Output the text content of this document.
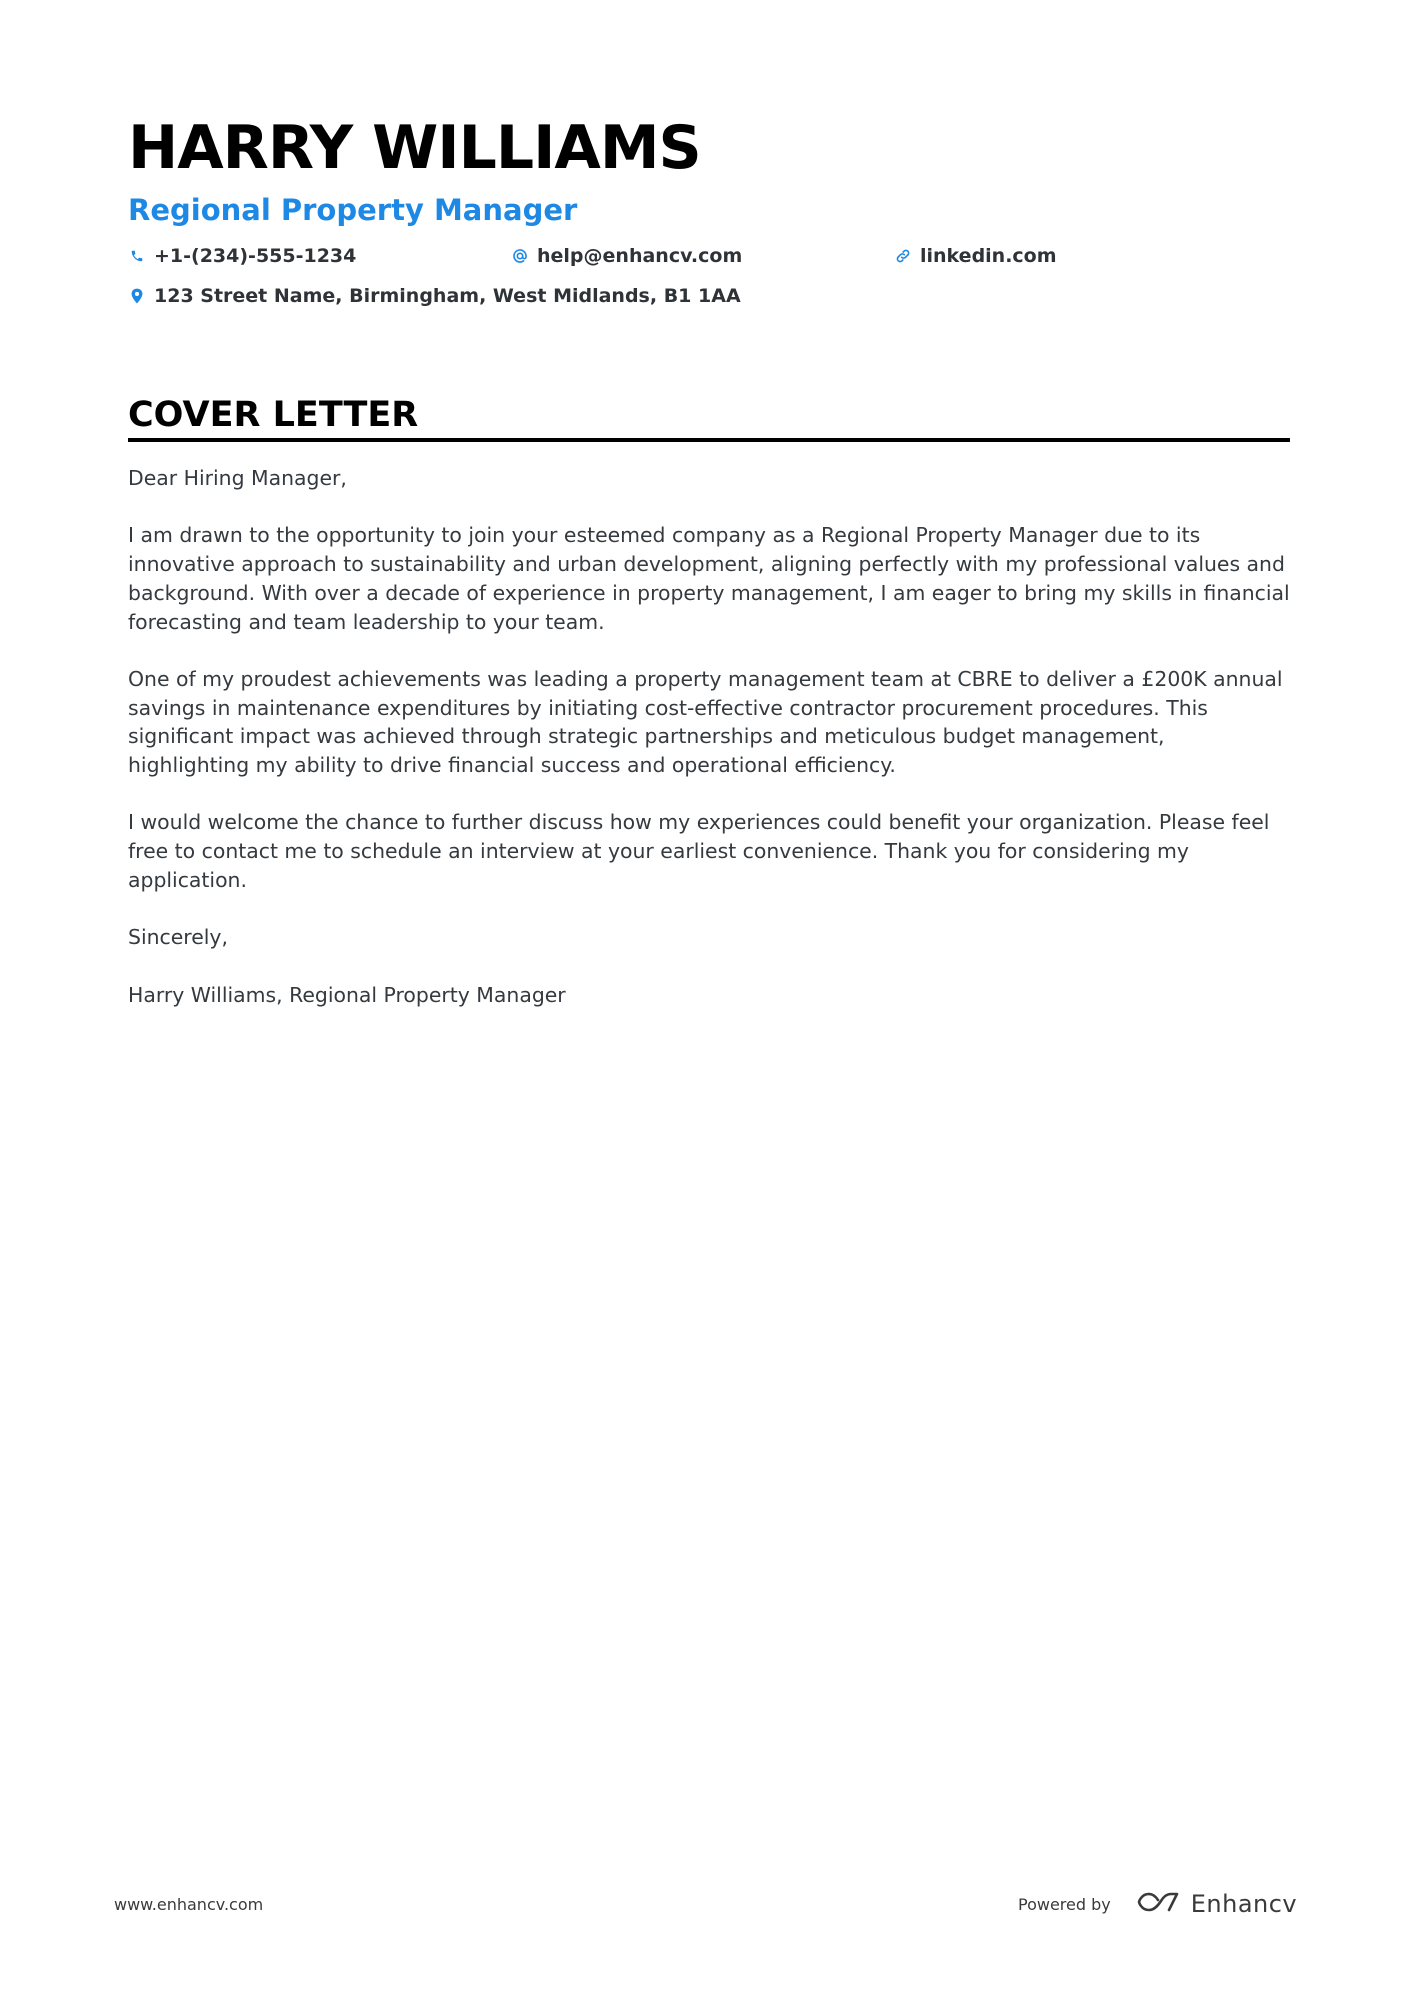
HARRY WILLIAMS
Regional Property Manager
+1-(234)-555-1234	help@enhancv.com	linkedin.com
123 Street Name, Birmingham, West Midlands, B1 1AA
COVER LETTER

Dear Hiring Manager,

I am drawn to the opportunity to join your esteemed company as a Regional Property Manager due to its innovative approach to sustainability and urban development, aligning perfectly with my professional values and background. With over a decade of experience in property management, I am eager to bring my skills in financial forecasting and team leadership to your team.

One of my proudest achievements was leading a property management team at CBRE to deliver a £200K annual savings in maintenance expenditures by initiating cost-effective contractor procurement procedures. This significant impact was achieved through strategic partnerships and meticulous budget management, highlighting my ability to drive financial success and operational efficiency.

I would welcome the chance to further discuss how my experiences could benefit your organization. Please feel free to contact me to schedule an interview at your earliest convenience. Thank you for considering my application.

Sincerely,

Harry Williams, Regional Property Manager

www.enhancv.com	Powered by	Enhancv
